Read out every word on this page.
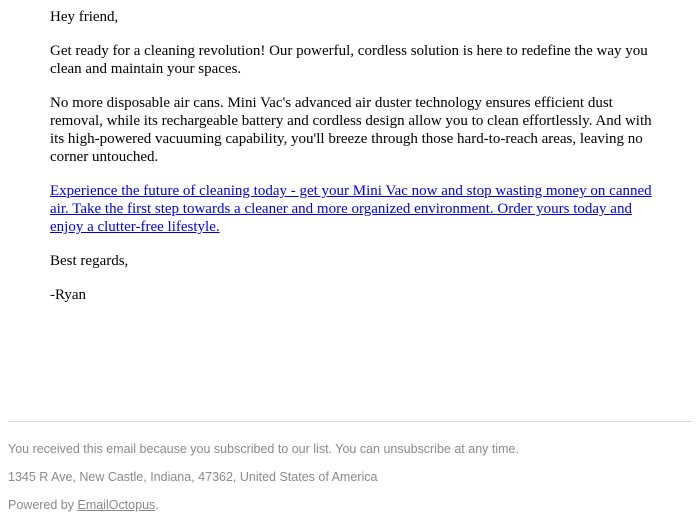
Hey friend,

Get ready for a cleaning revolution! Our powerful, cordless solution is here to redefine the way you clean and maintain your spaces.

No more disposable air cans. Mini Vac's advanced air duster technology ensures efficient dust removal, while its rechargeable battery and cordless design allow you to clean effortlessly. And with its high-powered vacuuming capability, you'll breeze through those hard-to-reach areas, leaving no corner untouched.

Experience the future of cleaning today - get your Mini Vac now and stop wasting money on canned air. Take the first step towards a cleaner and more organized environment. Order yours today and enjoy a clutter-free lifestyle.

Best regards,

-Ryan

You received this email because you subscribed to our list. You can unsubscribe at any time.
1345 R Ave, New Castle, Indiana, 47362, United States of America
Powered by EmailOctopus.
